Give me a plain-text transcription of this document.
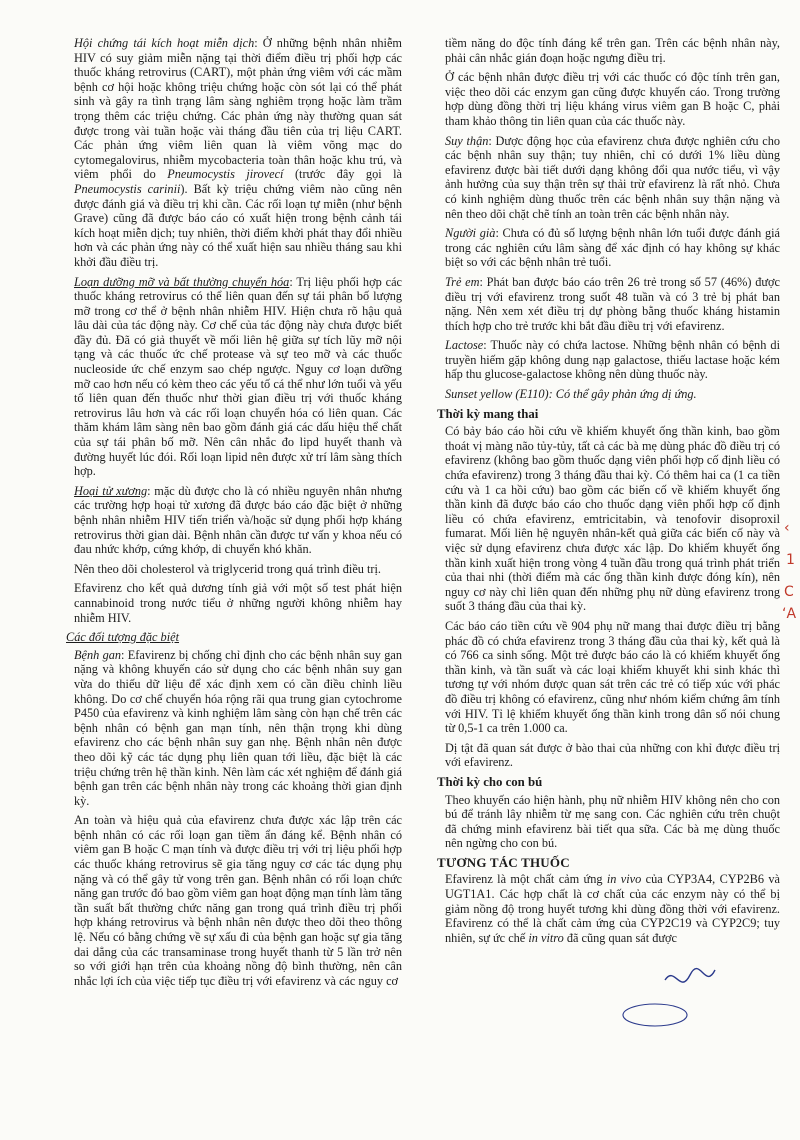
Hội chứng tái kích hoạt miễn dịch: Ở những bệnh nhân nhiễm HIV có suy giảm miễn nặng tại thời điểm điều trị phối hợp các thuốc kháng retrovirus (CART), một phản ứng viêm với các mầm bệnh cơ hội hoặc không triệu chứng hoặc còn sót lại có thể phát sinh và gây ra tình trạng lâm sàng nghiêm trọng hoặc làm trầm trọng thêm các triệu chứng. Các phản ứng này thường quan sát được trong vài tuần hoặc vài tháng đầu tiên của trị liệu CART. Các phản ứng viêm liên quan là viêm võng mạc do cytomegalovirus, nhiễm mycobacteria toàn thân hoặc khu trú, và viêm phổi do Pneumocystis jirovecí (trước đây gọi là Pneumocystis carinii). Bất kỳ triệu chứng viêm nào cũng nên được đánh giá và điều trị khi cần. Các rối loạn tự miễn (như bệnh Grave) cũng đã được báo cáo có xuất hiện trong bệnh cảnh tái kích hoạt miễn dịch; tuy nhiên, thời điểm khởi phát thay đổi nhiều hơn và các phản ứng này có thể xuất hiện sau nhiều tháng sau khi khởi đầu điều trị.

Loạn dưỡng mỡ và bất thường chuyển hóa: Trị liệu phối hợp các thuốc kháng retrovirus có thể liên quan đến sự tái phân bố lượng mỡ trong cơ thể ở bệnh nhân nhiễm HIV. Hiện chưa rõ hậu quả lâu dài của tác động này. Cơ chế của tác động này chưa được biết đầy đủ. Đã có giả thuyết về mối liên hệ giữa sự tích lũy mỡ nội tạng và các thuốc ức chế protease và sự teo mỡ và các thuốc nucleoside ức chế enzym sao chép ngược. Nguy cơ loạn dưỡng mỡ cao hơn nếu có kèm theo các yếu tố cá thể như lớn tuổi và yếu tố liên quan đến thuốc như thời gian điều trị với thuốc kháng retrovirus lâu hơn và các rối loạn chuyển hóa có liên quan. Các thăm khám lâm sàng nên bao gồm đánh giá các dấu hiệu thể chất của sự tái phân bố mỡ. Nên cân nhắc đo lipd huyết thanh và đường huyết lúc đói. Rối loạn lipid nên được xử trí lâm sàng thích hợp.

Hoại tử xương: mặc dù được cho là có nhiều nguyên nhân nhưng các trường hợp hoại tử xương đã được báo cáo đặc biệt ở những bệnh nhân nhiễm HIV tiến triển và/hoặc sử dụng phối hợp kháng retrovirus thời gian dài. Bệnh nhân cần được tư vấn y khoa nếu có đau nhức khớp, cứng khớp, di chuyển khó khăn.

Nên theo dõi cholesterol và triglycerid trong quá trình điều trị.

Efavirenz cho kết quả dương tính giả với một số test phát hiện cannabinoid trong nước tiểu ở những người không nhiễm hay nhiễm HIV.

Các đối tượng đặc biệt

Bệnh gan: Efavirenz bị chống chỉ định cho các bệnh nhân suy gan nặng và không khuyến cáo sử dụng cho các bệnh nhân suy gan vừa do thiếu dữ liệu để xác định xem có cần điều chỉnh liều không. Do cơ chế chuyển hóa rộng rãi qua trung gian cytochrome P450 của efavirenz và kinh nghiệm lâm sàng còn hạn chế trên các bệnh nhân có bệnh gan mạn tính, nên thận trọng khi dùng efavirenz cho các bệnh nhân suy gan nhẹ. Bệnh nhân nên được theo dõi kỹ các tác dụng phụ liên quan tới liều, đặc biệt là các triệu chứng trên hệ thần kinh. Nên làm các xét nghiệm để đánh giá bệnh gan trên các bệnh nhân này trong các khoảng thời gian định kỳ.

An toàn và hiệu quả của efavirenz chưa được xác lập trên các bệnh nhân có các rối loạn gan tiềm ẩn đáng kể. Bệnh nhân có viêm gan B hoặc C mạn tính và được điều trị với trị liệu phối hợp các thuốc kháng retrovirus sẽ gia tăng nguy cơ các tác dụng phụ nặng và có thể gây tử vong trên gan. Bệnh nhân có rối loạn chức năng gan trước đó bao gồm viêm gan hoạt động mạn tính làm tăng tần suất bất thường chức năng gan trong quá trình điều trị phối hợp kháng retrovirus và bệnh nhân nên được theo dõi theo thông lệ. Nếu có bằng chứng về sự xấu đi của bệnh gan hoặc sự gia tăng dai dẳng của các transaminase trong huyết thanh từ 5 lần trở nên so với giới hạn trên của khoảng nồng độ bình thường, nên cân nhắc lợi ích của việc tiếp tục điều trị với efavirenz và các nguy cơ

tiềm năng do độc tính đáng kể trên gan. Trên các bệnh nhân này, phải cân nhắc gián đoạn hoặc ngưng điều trị.

Ở các bệnh nhân được điều trị với các thuốc có độc tính trên gan, việc theo dõi các enzym gan cũng được khuyến cáo. Trong trường hợp dùng đồng thời trị liệu kháng virus viêm gan B hoặc C, phải tham khảo thông tin liên quan của các thuốc này.

Suy thận: Dược động học của efavirenz chưa được nghiên cứu cho các bệnh nhân suy thận; tuy nhiên, chỉ có dưới 1% liều dùng efavirenz được bài tiết dưới dạng không đổi qua nước tiểu, vì vậy ảnh hưởng của suy thận trên sự thải trừ efavirenz là rất nhỏ. Chưa có kinh nghiệm dùng thuốc trên các bệnh nhân suy thận nặng và nên theo dõi chặt chẽ tính an toàn trên các bệnh nhân này.

Người già: Chưa có đủ số lượng bệnh nhân lớn tuổi được đánh giá trong các nghiên cứu lâm sàng để xác định có hay không sự khác biệt so với các bệnh nhân trẻ tuổi.

Trẻ em: Phát ban được báo cáo trên 26 trẻ trong số 57 (46%) được điều trị với efavirenz trong suốt 48 tuần và có 3 trẻ bị phát ban nặng. Nên xem xét điều trị dự phòng bằng thuốc kháng histamin thích hợp cho trẻ trước khi bắt đầu điều trị với efavirenz.

Lactose: Thuốc này có chứa lactose. Những bệnh nhân có bệnh di truyền hiếm gặp không dung nạp galactose, thiếu lactase hoặc kém hấp thu glucose-galactose không nên dùng thuốc này.

Sunset yellow (E110): Có thể gây phản ứng dị ứng.

Thời kỳ mang thai

Có bảy báo cáo hồi cứu về khiếm khuyết ống thần kinh, bao gồm thoát vị màng não tủy-tủy, tất cả các bà mẹ dùng phác đồ điều trị có efavirenz (không bao gồm thuốc dạng viên phối hợp cố định liều có chứa efavirenz) trong 3 tháng đầu thai kỳ. Có thêm hai ca (1 ca tiền cứu và 1 ca hồi cứu) bao gồm các biến cố về khiếm khuyết ống thần kinh đã được báo cáo cho thuốc dạng viên phối hợp cố định liều có chứa efavirenz, emtricitabin, và tenofovir disoproxil fumarat. Mối liên hệ nguyên nhân-kết quả giữa các biến cố này và việc sử dụng efavirenz chưa được xác lập. Do khiếm khuyết ống thần kinh xuất hiện trong vòng 4 tuần đầu trong quá trình phát triển của thai nhi (thời điểm mà các ống thần kinh được đóng kín), nên nguy cơ này chỉ liên quan đến những phụ nữ dùng efavirenz trong suốt 3 tháng đầu của thai kỳ.

Các báo cáo tiền cứu về 904 phụ nữ mang thai được điều trị bằng phác đồ có chứa efavirenz trong 3 tháng đầu của thai kỳ, kết quả là có 766 ca sinh sống. Một trẻ được báo cáo là có khiếm khuyết ống thần kinh, và tần suất và các loại khiếm khuyết khi sinh khác thì tương tự với nhóm được quan sát trên các trẻ có tiếp xúc với phác đồ điều trị không có efavirenz, cũng như nhóm kiểm chứng âm tính với HIV. Tỉ lệ khiếm khuyết ống thần kinh trong dân số nói chung từ 0,5-1 ca trên 1.000 ca.

Dị tật đã quan sát được ở bào thai của những con khỉ được điều trị với efavirenz.

Thời kỳ cho con bú

Theo khuyến cáo hiện hành, phụ nữ nhiễm HIV không nên cho con bú để tránh lây nhiễm từ mẹ sang con. Các nghiên cứu trên chuột đã chứng minh efavirenz bài tiết qua sữa. Các bà mẹ dùng thuốc nên ngừng cho con bú.

TƯƠNG TÁC THUỐC

Efavirenz là một chất cảm ứng in vivo của CYP3A4, CYP2B6 và UGT1A1. Các hợp chất là cơ chất của các enzym này có thể bị giảm nồng độ trong huyết tương khi dùng đồng thời với efavirenz. Efavirenz có thể là chất cảm ứng của CYP2C19 và CYP2C9; tuy nhiên, sự ức chế in vitro đã cũng quan sát được

‹
1
C
‘A
